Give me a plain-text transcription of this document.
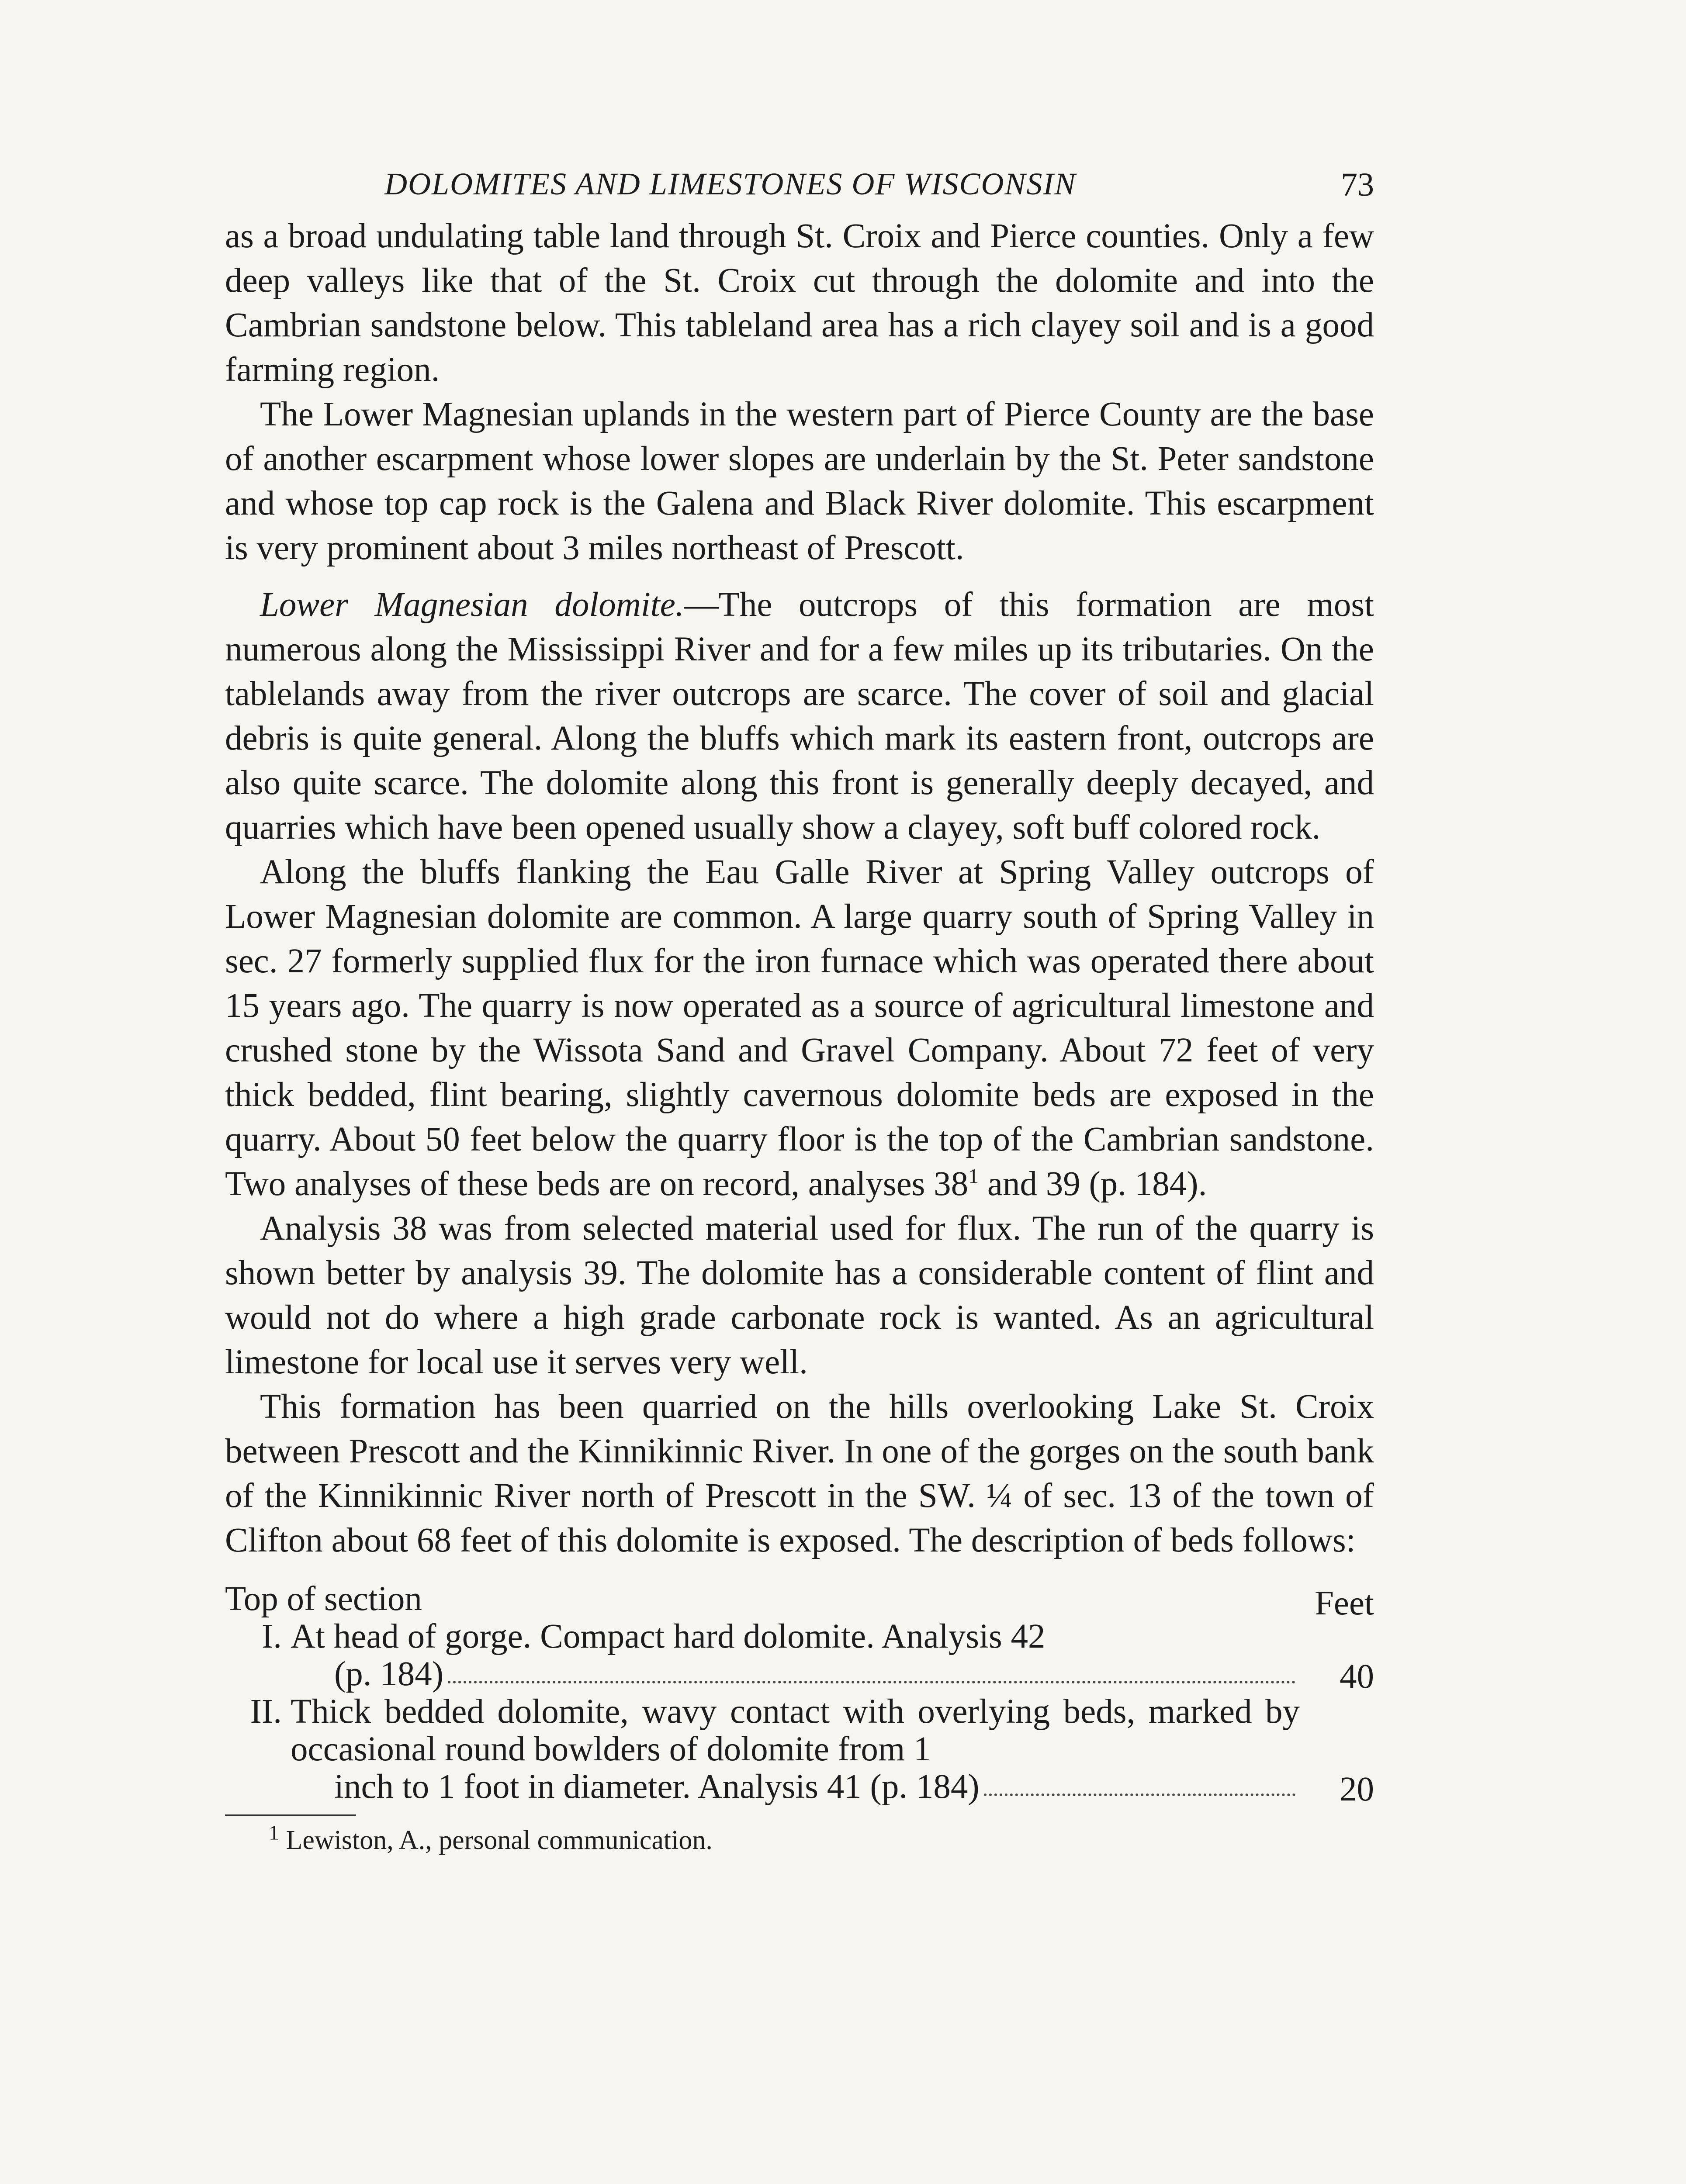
DOLOMITES AND LIMESTONES OF WISCONSIN	73

as a broad undulating table land through St. Croix and Pierce counties. Only a few deep valleys like that of the St. Croix cut through the dolomite and into the Cambrian sandstone below. This tableland area has a rich clayey soil and is a good farming region.

The Lower Magnesian uplands in the western part of Pierce County are the base of another escarpment whose lower slopes are underlain by the St. Peter sandstone and whose top cap rock is the Galena and Black River dolomite. This escarpment is very prominent about 3 miles northeast of Prescott.

Lower Magnesian dolomite.—The outcrops of this formation are most numerous along the Mississippi River and for a few miles up its tributaries. On the tablelands away from the river outcrops are scarce. The cover of soil and glacial debris is quite general. Along the bluffs which mark its eastern front, outcrops are also quite scarce. The dolomite along this front is generally deeply decayed, and quarries which have been opened usually show a clayey, soft buff colored rock.

Along the bluffs flanking the Eau Galle River at Spring Valley outcrops of Lower Magnesian dolomite are common. A large quarry south of Spring Valley in sec. 27 formerly supplied flux for the iron furnace which was operated there about 15 years ago. The quarry is now operated as a source of agricultural limestone and crushed stone by the Wissota Sand and Gravel Company. About 72 feet of very thick bedded, flint bearing, slightly cavernous dolomite beds are exposed in the quarry. About 50 feet below the quarry floor is the top of the Cambrian sandstone. Two analyses of these beds are on record, analyses $38^1$ and 39 (p. 184).

Analysis 38 was from selected material used for flux. The run of the quarry is shown better by analysis 39. The dolomite has a considerable content of flint and would not do where a high grade carbonate rock is wanted. As an agricultural limestone for local use it serves very well.

This formation has been quarried on the hills overlooking Lake St. Croix between Prescott and the Kinnikinnic River. In one of the gorges on the south bank of the Kinnikinnic River north of Prescott in the SW. ¼ of sec. 13 of the town of Clifton about 68 feet of this dolomite is exposed. The description of beds follows:

Top of section	Feet
I. At head of gorge. Compact hard dolomite. Analysis 42
(p. 184)	40
II. Thick bedded dolomite, wavy contact with overlying beds, marked by occasional round bowlders of dolomite from 1
inch to 1 foot in diameter. Analysis 41 (p. 184)	20
$^1$ Lewiston, A., personal communication.
